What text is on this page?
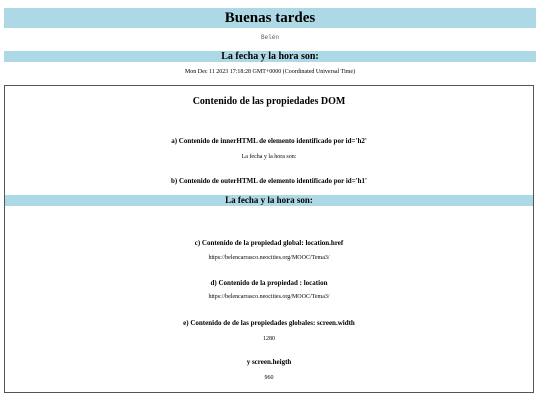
Buenas tardes
Belén
La fecha y la hora son:
Mon Dec 11 2023 17:18:28 GMT+0000 (Coordinated Universal Time)
Contenido de las propiedades DOM
a) Contenido de innerHTML de elemento identificado por id='h2'
La fecha y la hora son:
b) Contenido de outerHTML de elemento identificado por id='h1'
La fecha y la hora son:
c) Contenido de la propiedad global: location.href
https://belencarrasco.neocities.org/MOOC/Tema3/
d) Contenido de la propiedad : location
https://belencarrasco.neocities.org/MOOC/Tema3/
e) Contenido de de las propiedades globales: screen.width
1280
y screen.heigth
960
